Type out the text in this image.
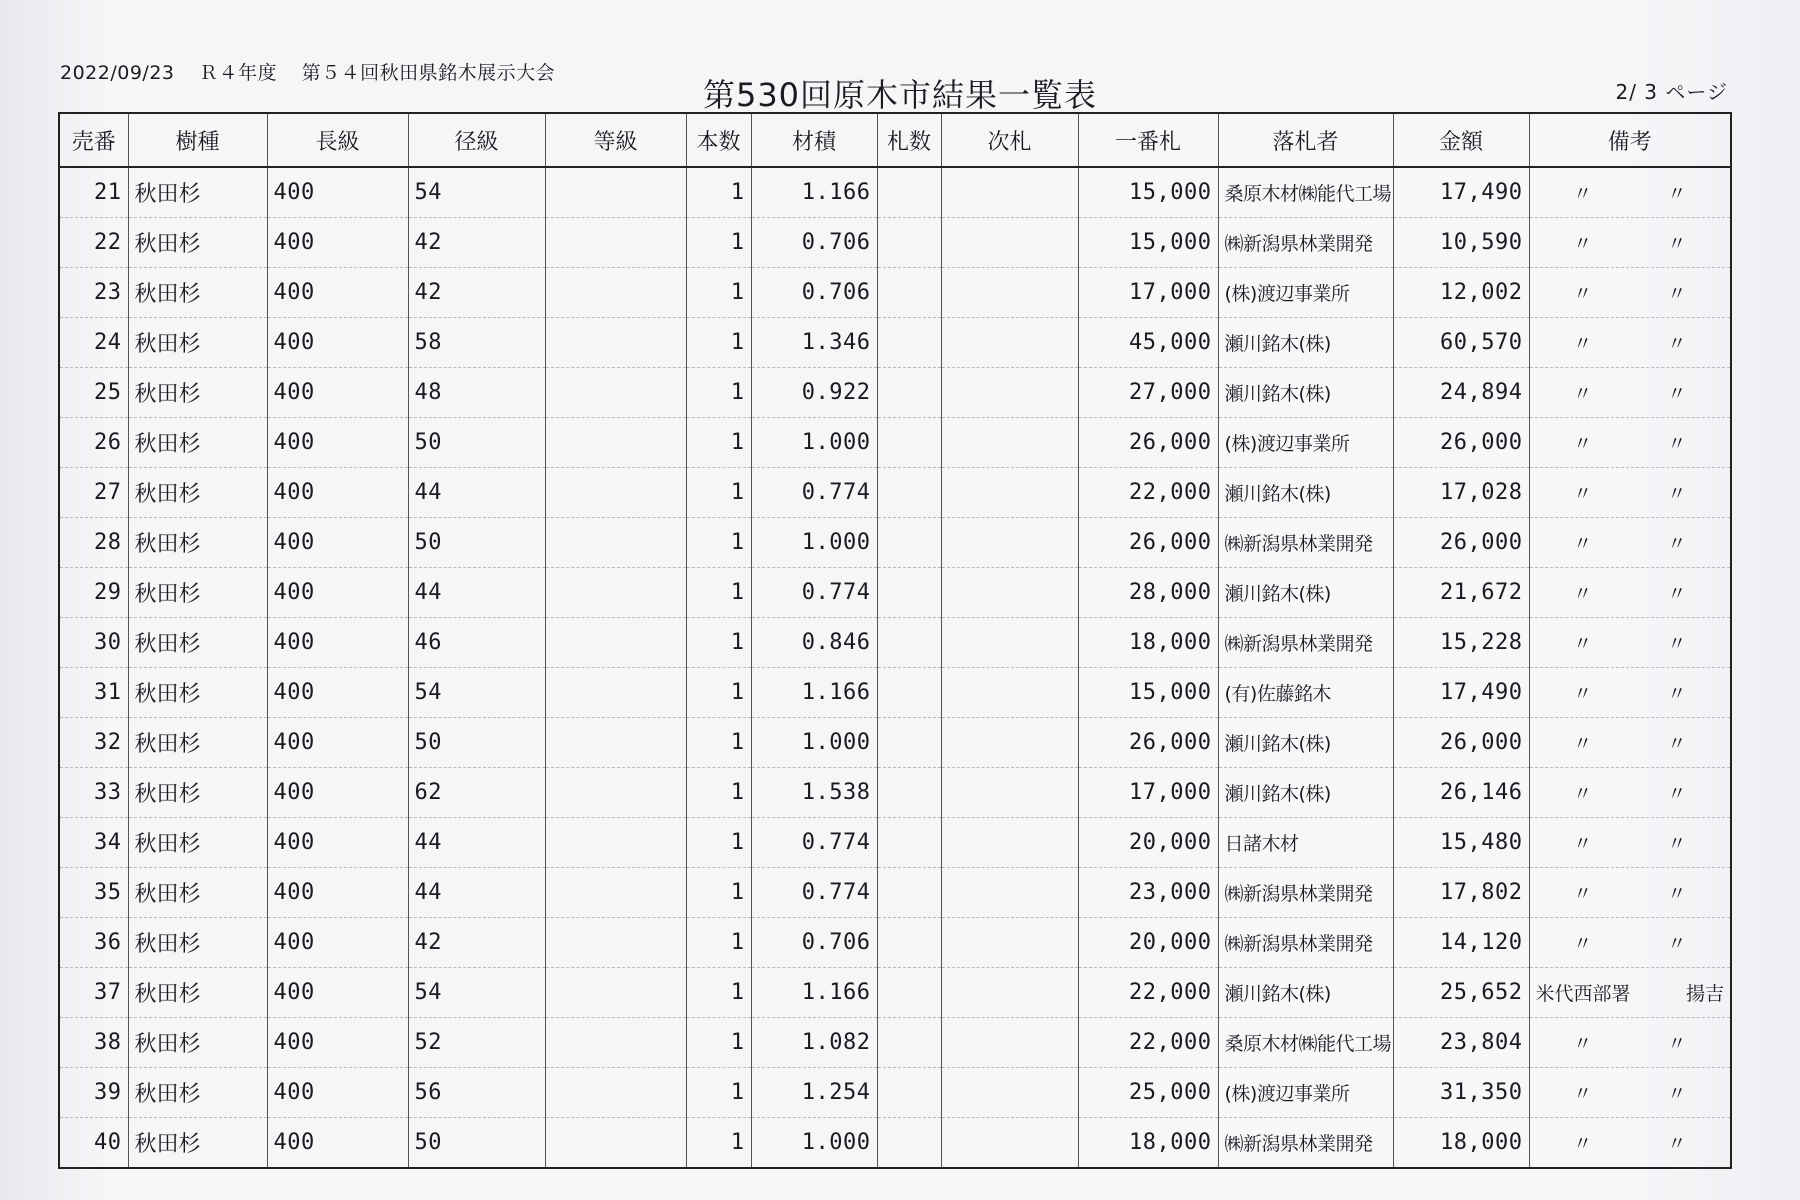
2022/09/23 Ｒ４年度 第５４回秋田県銘木展示大会
第530回原木市結果一覧表	2/ 3 ページ
売番	樹種	長級	径級	等級	本数	材積	札数	次札	一番札	落札者	金額	備考
21	秋田杉	400	54		1	1.166			15,000	桑原木材㈱能代工場	17,490	〃 〃

22	秋田杉	400	42		1	0.706			15,000	㈱新潟県林業開発	10,590	〃 〃

23	秋田杉	400	42		1	0.706			17,000	(株)渡辺事業所	12,002	〃 〃

24	秋田杉	400	58		1	1.346			45,000	瀬川銘木(株)	60,570	〃 〃

25	秋田杉	400	48		1	0.922			27,000	瀬川銘木(株)	24,894	〃 〃

26	秋田杉	400	50		1	1.000			26,000	(株)渡辺事業所	26,000	〃 〃

27	秋田杉	400	44		1	0.774			22,000	瀬川銘木(株)	17,028	〃 〃

28	秋田杉	400	50		1	1.000			26,000	㈱新潟県林業開発	26,000	〃 〃

29	秋田杉	400	44		1	0.774			28,000	瀬川銘木(株)	21,672	〃 〃

30	秋田杉	400	46		1	0.846			18,000	㈱新潟県林業開発	15,228	〃 〃

31	秋田杉	400	54		1	1.166			15,000	(有)佐藤銘木	17,490	〃 〃

32	秋田杉	400	50		1	1.000			26,000	瀬川銘木(株)	26,000	〃 〃

33	秋田杉	400	62		1	1.538			17,000	瀬川銘木(株)	26,146	〃 〃

34	秋田杉	400	44		1	0.774			20,000	日諸木材	15,480	〃 〃

35	秋田杉	400	44		1	0.774			23,000	㈱新潟県林業開発	17,802	〃 〃

36	秋田杉	400	42		1	0.706			20,000	㈱新潟県林業開発	14,120	〃 〃

37	秋田杉	400	54		1	1.166			22,000	瀬川銘木(株)	25,652	米代西部署 揚吉

38	秋田杉	400	52		1	1.082			22,000	桑原木材㈱能代工場	23,804	〃 〃

39	秋田杉	400	56		1	1.254			25,000	(株)渡辺事業所	31,350	〃 〃

40	秋田杉	400	50		1	1.000			18,000	㈱新潟県林業開発	18,000	〃 〃
